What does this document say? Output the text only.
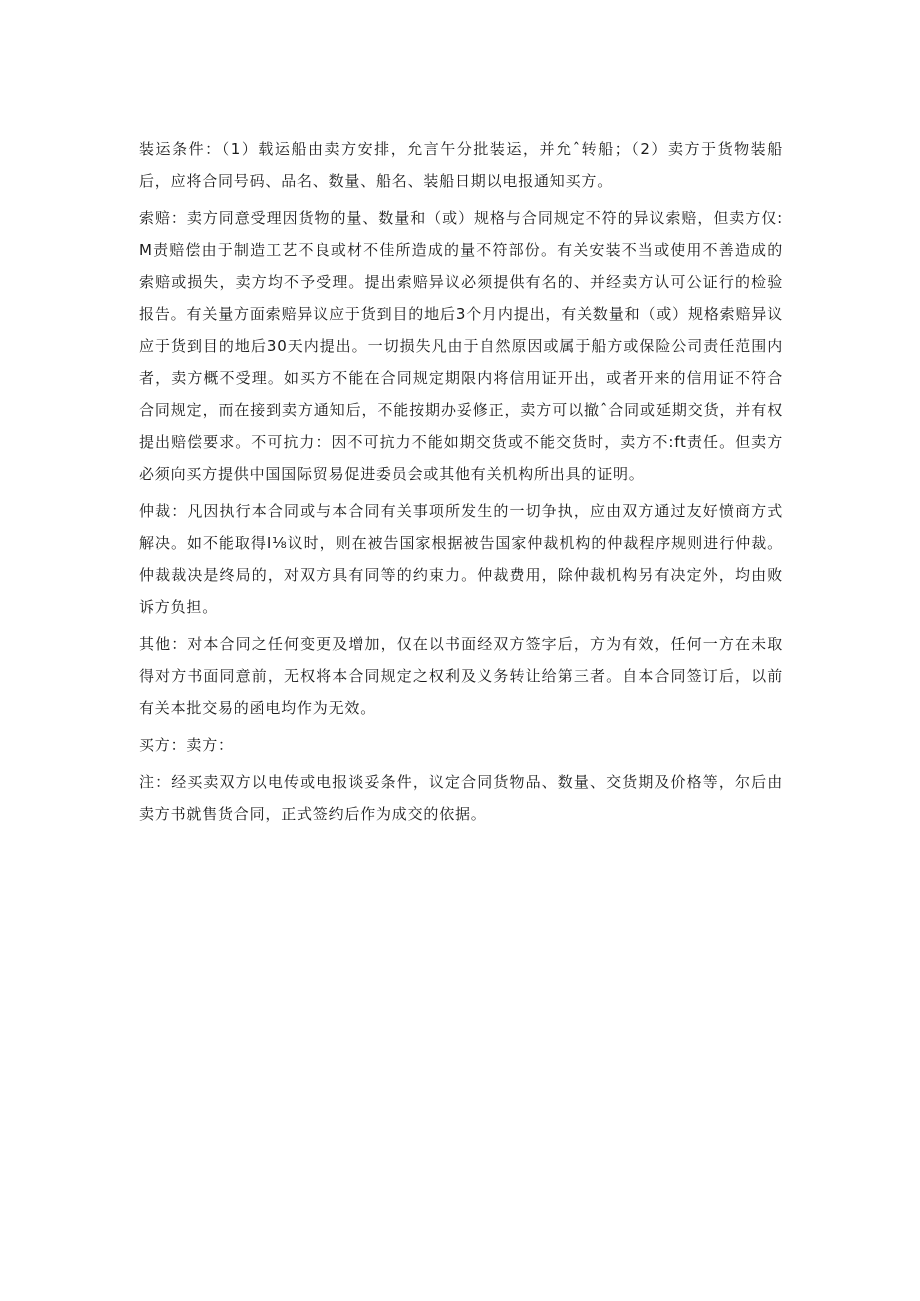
装运条件：（1）载运船由卖方安排，允言午分批装运，并允ˆ转船；（2）卖方于货物装船后，应将合同号码、品名、数量、船名、装船日期以电报通知买方。

索赔：卖方同意受理因货物的量、数量和（或）规格与合同规定不符的异议索赔，但卖方仅:M责赔偿由于制造工艺不良或材不佳所造成的量不符部份。有关安装不当或使用不善造成的索赔或损失，卖方均不予受理。提出索赔异议必须提供有名的、并经卖方认可公证行的检验报告。有关量方面索赔异议应于货到目的地后3个月内提出，有关数量和（或）规格索赔异议应于货到目的地后30天内提出。一切损失凡由于自然原因或属于船方或保险公司责任范围内者，卖方概不受理。如买方不能在合同规定期限内将信用证开出，或者开来的信用证不符合合同规定，而在接到卖方通知后，不能按期办妥修正，卖方可以撤ˆ合同或延期交货，并有权提出赔偿要求。不可抗力：因不可抗力不能如期交货或不能交货时，卖方不:ft责任。但卖方必须向买方提供中国国际贸易促进委员会或其他有关机构所出具的证明。

仲裁：凡因执行本合同或与本合同有关事项所发生的一切争执，应由双方通过友好愤商方式解决。如不能取得I⅛议时，则在被告国家根据被告国家仲裁机构的仲裁程序规则进行仲裁。仲裁裁决是终局的，对双方具有同等的约束力。仲裁费用，除仲裁机构另有决定外，均由败诉方负担。

其他：对本合同之任何变更及增加，仅在以书面经双方签字后，方为有效，任何一方在未取得对方书面同意前，无权将本合同规定之权利及义务转让给第三者。自本合同签订后，以前有关本批交易的函电均作为无效。

买方：卖方：

注：经买卖双方以电传或电报谈妥条件，议定合同货物品、数量、交货期及价格等，尔后由卖方书就售货合同，正式签约后作为成交的依据。
